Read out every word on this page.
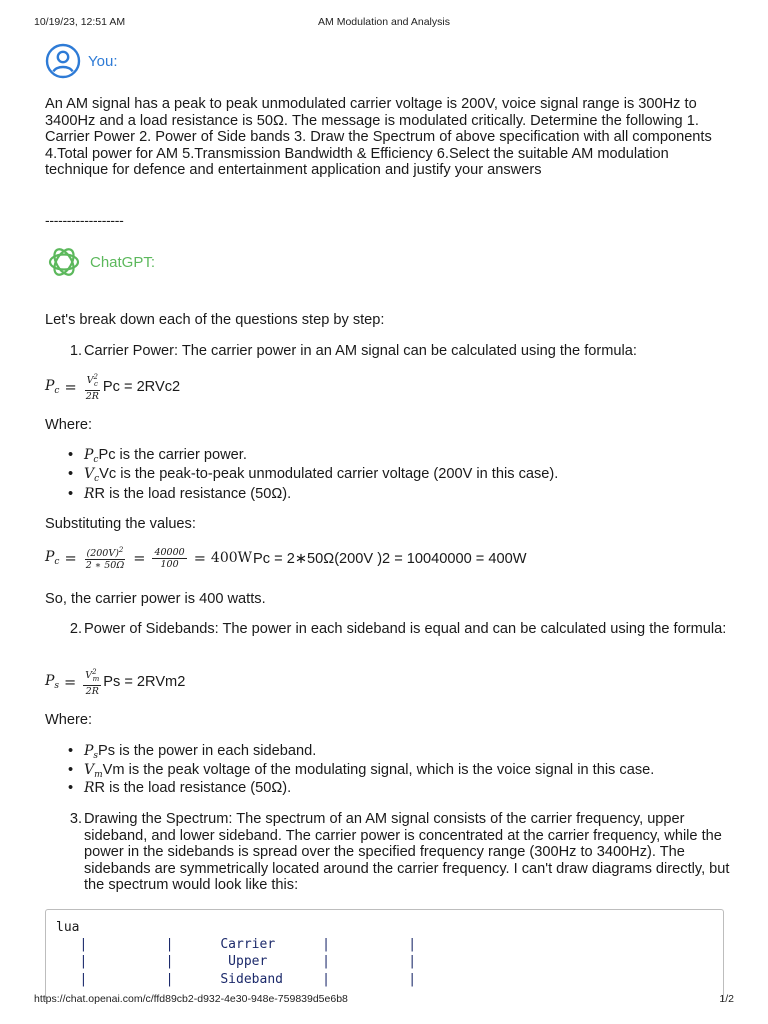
10/19/23, 12:51 AM	AM Modulation and Analysis
You:
An AM signal has a peak to peak unmodulated carrier voltage is 200V, voice signal range is 300Hz to 3400Hz and a load resistance is 50Ω. The message is modulated critically. Determine the following 1. Carrier Power 2. Power of Side bands 3. Draw the Spectrum of above specification with all components 4.Total power for AM 5.Transmission Bandwidth & Efficiency 6.Select the suitable AM modulation technique for defence and entertainment application and justify your answers
------------------
ChatGPT:
Let's break down each of the questions step by step:
1. Carrier Power: The carrier power in an AM signal can be calculated using the formula:
$P_c = \frac{V^2_c}{2R}$ Pc = 2RVc2
Where:
• $P_cPc$ is the carrier power.
• $V_cVc$ is the peak-to-peak unmodulated carrier voltage (200V in this case).
• RR is the load resistance (50Ω).
Substituting the values:
$P_c = \frac{(200V)^2}{2 ∗ 50\Omega} = \frac{40000}{100} = 400W$ Pc = 2∗50Ω(200V )2 = 10040000 = 400W
So, the carrier power is 400 watts.
2. Power of Sidebands: The power in each sideband is equal and can be calculated using the formula:
$P_s = \frac{V^2_m}{2R}$ Ps = 2RVm2
Where:
• $P_sPs$ is the power in each sideband.
• $V_mVm$ is the peak voltage of the modulating signal, which is the voice signal in this case.
• RR is the load resistance (50Ω).
3. Drawing the Spectrum: The spectrum of an AM signal consists of the carrier frequency, upper sideband, and lower sideband. The carrier power is concentrated at the carrier frequency, while the power in the sidebands is spread over the specified frequency range (300Hz to 3400Hz). The sidebands are symmetrically located around the carrier frequency. I can't draw diagrams directly, but the spectrum would look like this:
lua
|          |      Carrier      |          |
|          |       Upper       |          |
|          |      Sideband     |          |
https://chat.openai.com/c/ffd89cb2-d932-4e30-948e-759839d5e6b8	1/2
